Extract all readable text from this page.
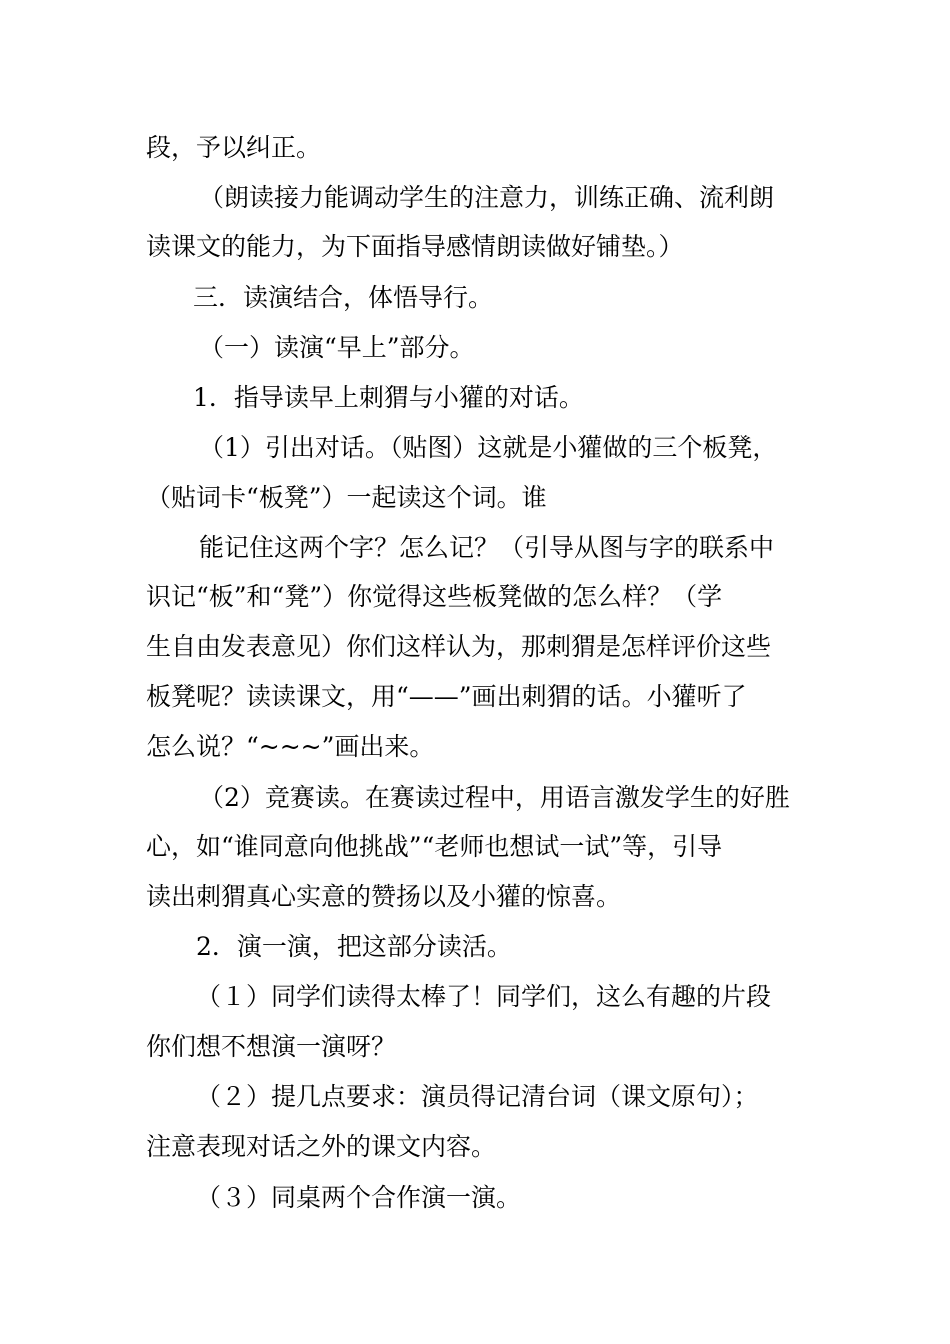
段，予以纠正。
（朗读接力能调动学生的注意力，训练正确、流利朗
读课文的能力，为下面指导感情朗读做好铺垫。）
三．读演结合，体悟导行。
（一）读演“早上”部分。
1．指导读早上刺猬与小獾的对话。
（1）引出对话。（贴图）这就是小獾做的三个板凳，
（贴词卡“板凳”）一起读这个词。谁
能记住这两个字？怎么记？（引导从图与字的联系中
识记“板”和“凳”）你觉得这些板凳做的怎么样？（学
生自由发表意见）你们这样认为，那刺猬是怎样评价这些
板凳呢？读读课文，用“——”画出刺猬的话。小獾听了
怎么说？“~~~”画出来。
（2）竞赛读。在赛读过程中，用语言激发学生的好胜
心，如“谁同意向他挑战”“老师也想试一试”等，引导
读出刺猬真心实意的赞扬以及小獾的惊喜。
2．演一演，把这部分读活。
（１）同学们读得太棒了！同学们，这么有趣的片段
你们想不想演一演呀？
（２）提几点要求：演员得记清台词（课文原句）；
注意表现对话之外的课文内容。
（３）同桌两个合作演一演。
